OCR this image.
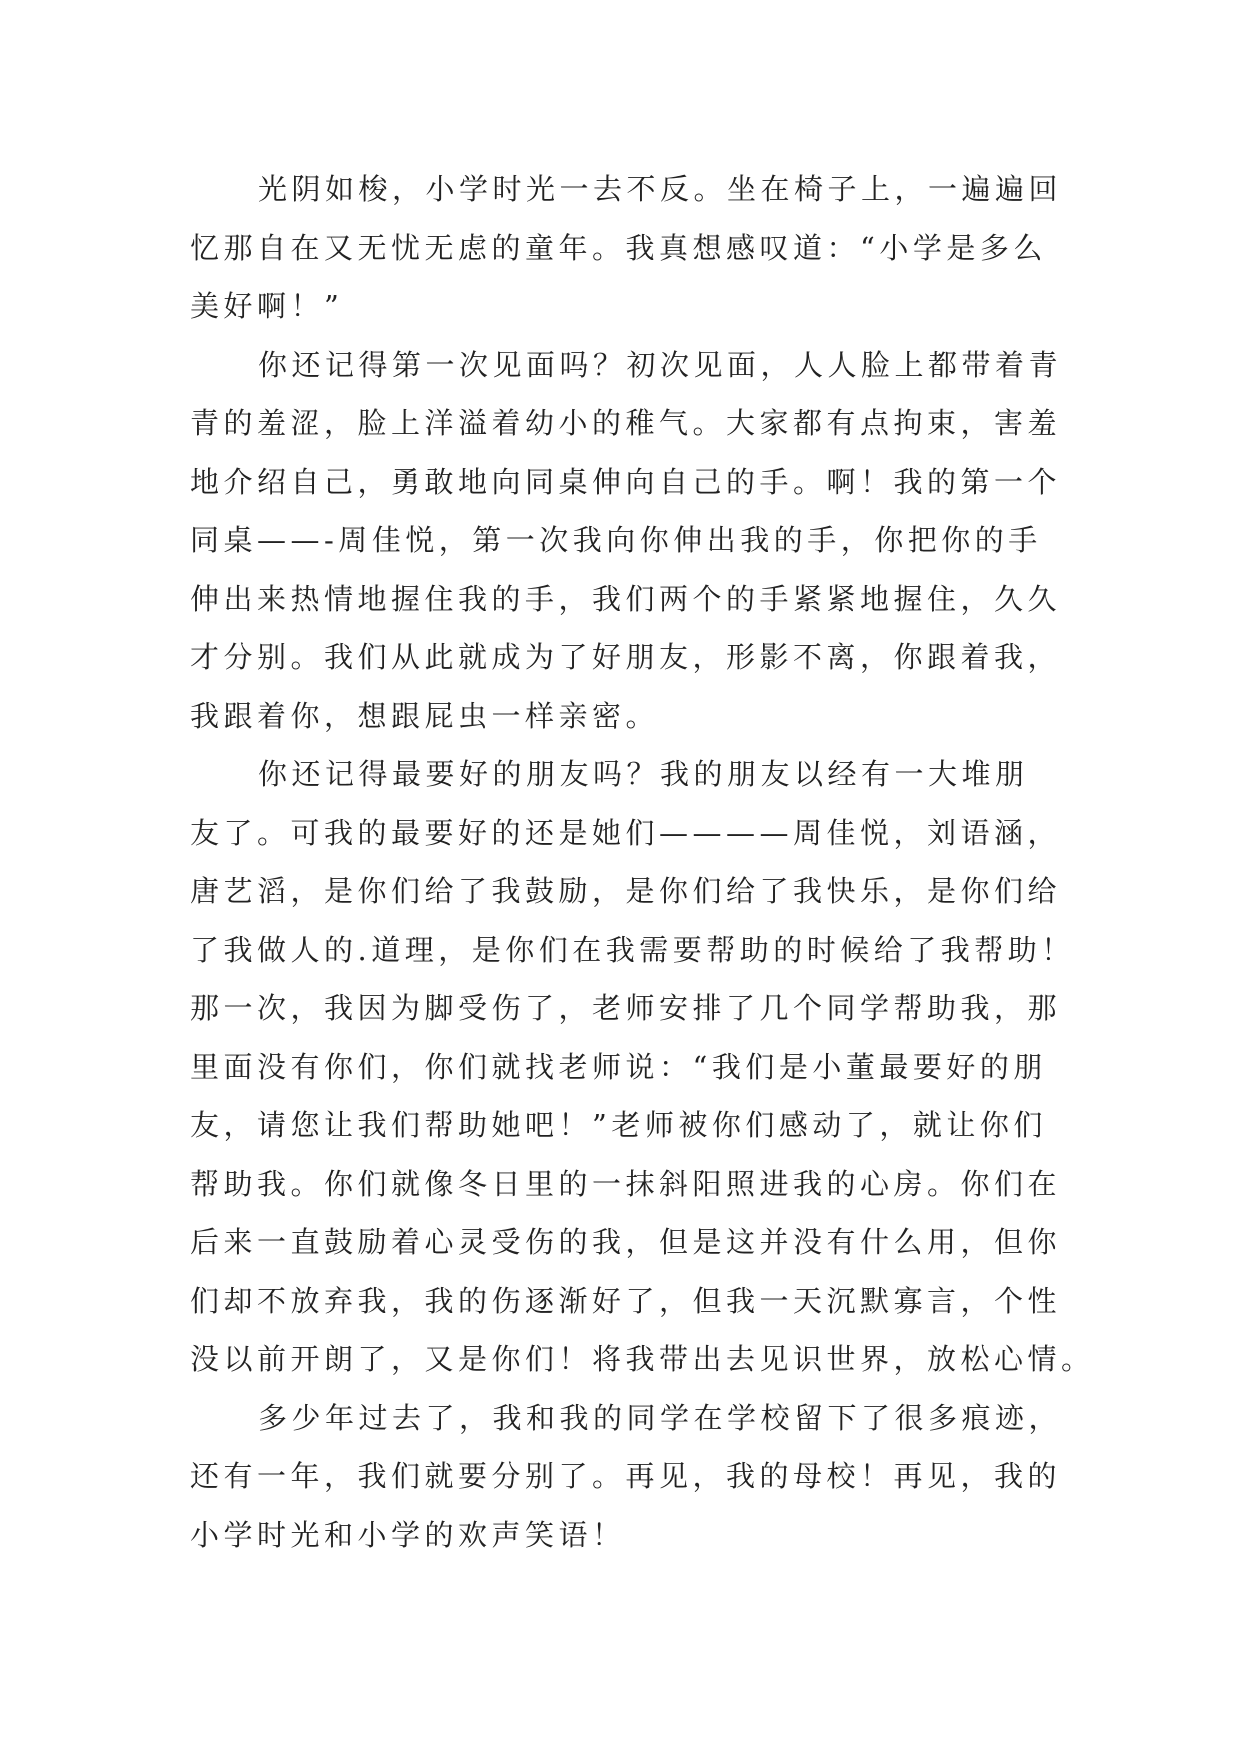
光阴如梭，小学时光一去不反。坐在椅子上，一遍遍回
忆那自在又无忧无虑的童年。我真想感叹道：“小学是多么
美好啊！”
你还记得第一次见面吗？初次见面，人人脸上都带着青
青的羞涩，脸上洋溢着幼小的稚气。大家都有点拘束，害羞
地介绍自己，勇敢地向同桌伸向自己的手。啊！我的第一个
同桌——-周佳悦，第一次我向你伸出我的手，你把你的手
伸出来热情地握住我的手，我们两个的手紧紧地握住，久久
才分别。我们从此就成为了好朋友，形影不离，你跟着我，
我跟着你，想跟屁虫一样亲密。
你还记得最要好的朋友吗？我的朋友以经有一大堆朋
友了。可我的最要好的还是她们————周佳悦，刘语涵，
唐艺滔，是你们给了我鼓励，是你们给了我快乐，是你们给
了我做人的.道理，是你们在我需要帮助的时候给了我帮助！
那一次，我因为脚受伤了，老师安排了几个同学帮助我，那
里面没有你们，你们就找老师说：“我们是小董最要好的朋
友，请您让我们帮助她吧！”老师被你们感动了，就让你们
帮助我。你们就像冬日里的一抹斜阳照进我的心房。你们在
后来一直鼓励着心灵受伤的我，但是这并没有什么用，但你
们却不放弃我，我的伤逐渐好了，但我一天沉默寡言，个性
没以前开朗了，又是你们！将我带出去见识世界，放松心情。
多少年过去了，我和我的同学在学校留下了很多痕迹，
还有一年，我们就要分别了。再见，我的母校！再见，我的
小学时光和小学的欢声笑语！
